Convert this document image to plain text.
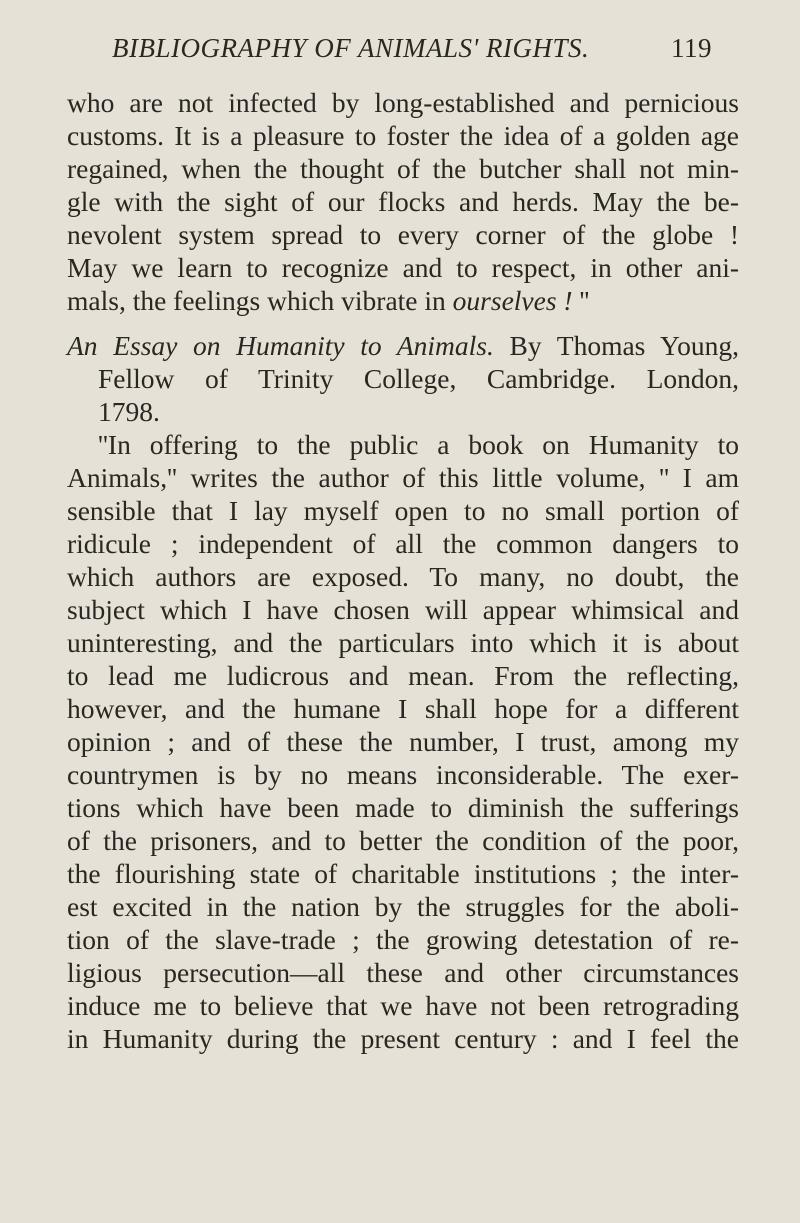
BIBLIOGRAPHY OF ANIMALS' RIGHTS.	119
who are not infected by long-established and pernicious
customs. It is a pleasure to foster the idea of a golden age
regained, when the thought of the butcher shall not min-
gle with the sight of our flocks and herds. May the be-
nevolent system spread to every corner of the globe !
May we learn to recognize and to respect, in other ani-
mals, the feelings which vibrate in ourselves ! ''
An Essay on Humanity to Animals. By Thomas Young,
Fellow of Trinity College, Cambridge. London,
1798.
''In offering to the public a book on Humanity to
Animals,'' writes the author of this little volume, '' I am
sensible that I lay myself open to no small portion of
ridicule ; independent of all the common dangers to
which authors are exposed. To many, no doubt, the
subject which I have chosen will appear whimsical and
uninteresting, and the particulars into which it is about
to lead me ludicrous and mean. From the reflecting,
however, and the humane I shall hope for a different
opinion ; and of these the number, I trust, among my
countrymen is by no means inconsiderable. The exer-
tions which have been made to diminish the sufferings
of the prisoners, and to better the condition of the poor,
the flourishing state of charitable institutions ; the inter-
est excited in the nation by the struggles for the aboli-
tion of the slave-trade ; the growing detestation of re-
ligious persecution—all these and other circumstances
induce me to believe that we have not been retrograding
in Humanity during the present century : and I feel the
